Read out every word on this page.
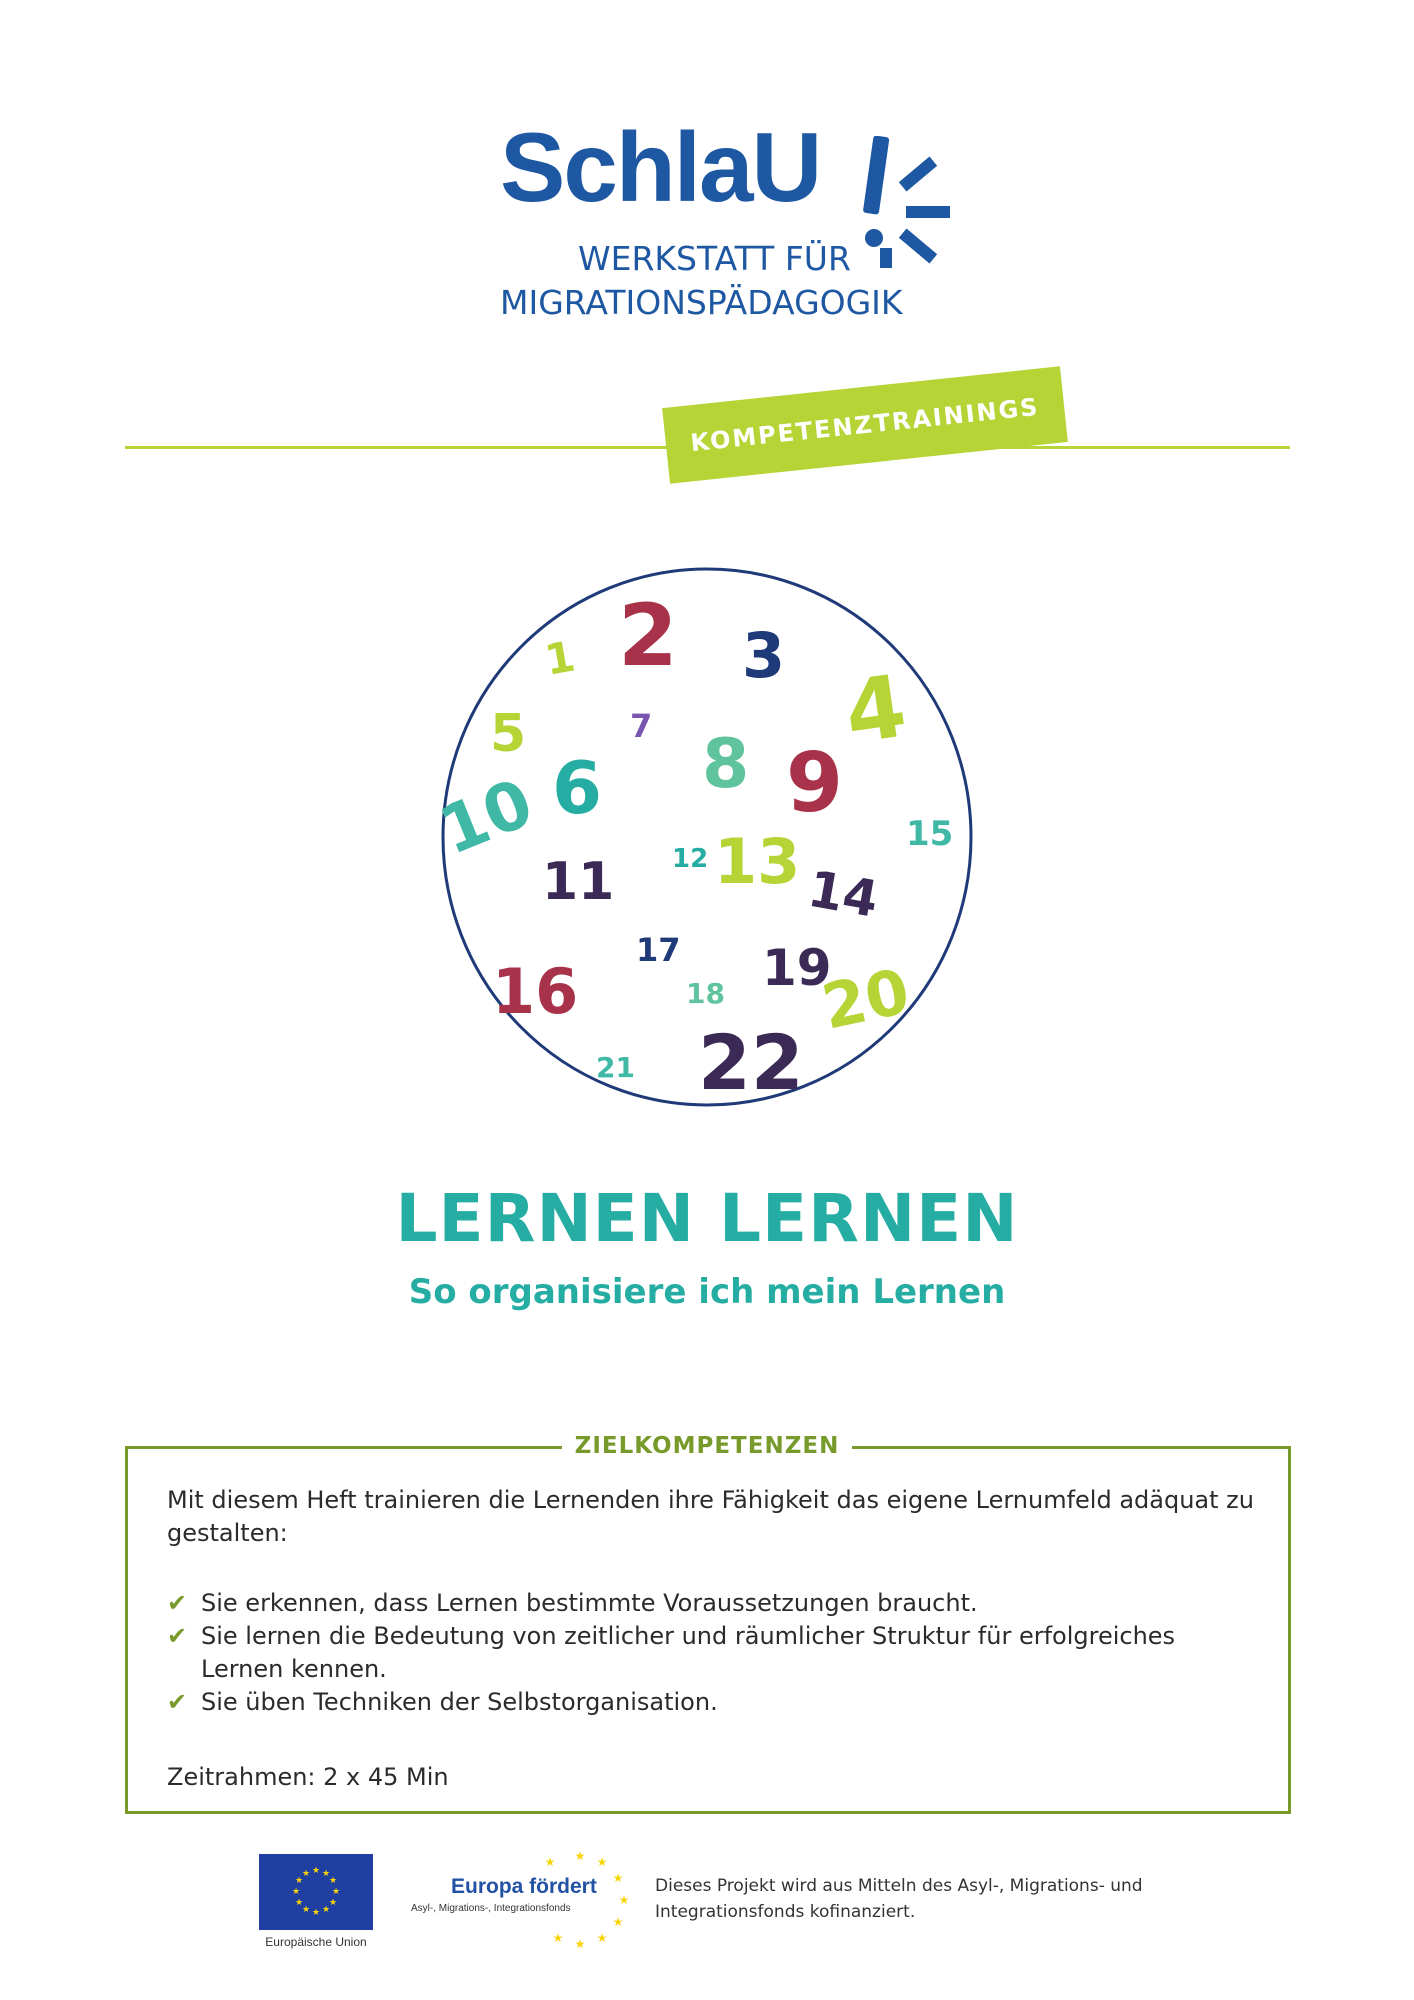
SchlaU
WERKSTATT FÜR
MIGRATIONSPÄDAGOGIK
KOMPETENZTRAININGS
1 2 3
4
5
6
7 8 9
10
11 12 13 14
15
16
17
18 19
20
21 22
LERNEN LERNEN
So organisiere ich mein Lernen
ZIELKOMPETENZEN
Mit diesem Heft trainieren die Lernenden ihre Fähigkeit das eigene Lernumfeld adäquat zu gestalten:
✔ Sie erkennen, dass Lernen bestimmte Voraussetzungen braucht.
✔ Sie lernen die Bedeutung von zeitlicher und räumlicher Struktur für erfolgreiches Lernen kennen.
✔ Sie üben Techniken der Selbstorganisation.
Zeitrahmen: 2 x 45 Min
★ ★
★
★
★
★
★
★
★
★
★
★
Europäische Union
★ ★
★
★
★
★
★
★
★
Europa fördert
Asyl-, Migrations-, Integrationsfonds
Dieses Projekt wird aus Mitteln des Asyl-, Migrations- und Integrationsfonds kofinanziert.
